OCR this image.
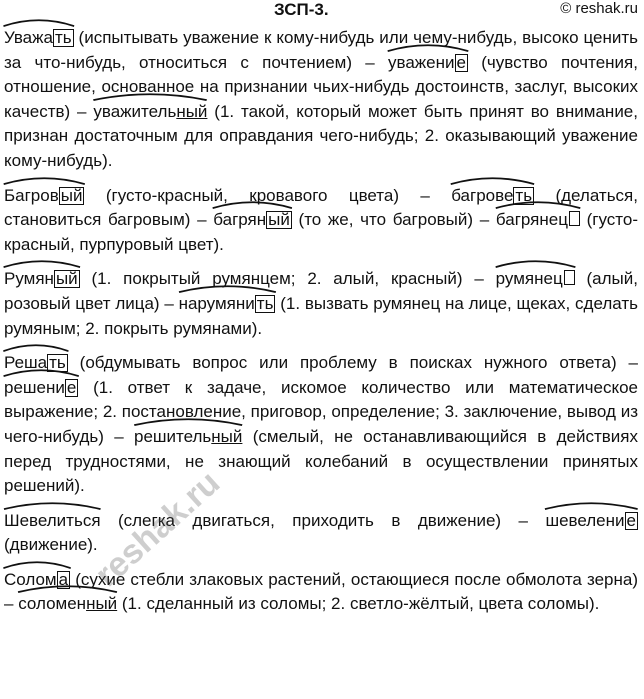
ЗСП-3.	© reshak.ru

Уважа ть (испытывать уважение к кому-нибудь или чему-нибудь, высоко ценить за что-нибудь, относиться с почтением) –
уважени е (чувство почтения, отношение, основанное на признании чьих-нибудь достоинств, заслуг, высоких качеств) –
уважительный (1. такой, который может быть принят во внимание, признан достаточным для оправдания чего-нибудь; 2. оказывающий уважение кому-нибудь).

Багров ый (густо-красный, кровавого цвета) –
багрове ть (делаться, становиться багровым) –
багрян ый (то же, что багровый) –
багрянец (густо-красный, пурпуровый цвет).

Румян ый (1. покрытый румянцем; 2. алый, красный) –
румянец (алый, розовый цвет лица) –
нарумяни ть (1. вызвать румянец на лице, щеках, сделать румяным; 2. покрыть румянами).

Реша ть (обдумывать вопрос или проблему в поисках нужного ответа) –
решени е (1. ответ к задаче, искомое количество или математическое выражение; 2. постановление, приговор, определение; 3. заключение, вывод из чего-нибудь) –
решительный (смелый, не останавливающийся в действиях перед трудностями, не знающий колебаний в осуществлении принятых решений).

Шевелиться (слегка двигаться, приходить в движение) –
шевелени е (движение).

Солом а (сухие стебли злаковых растений, остающиеся после обмолота зерна) –
соломенный (1. сделанный из соломы; 2. светло-жёлтый, цвета соломы).

reshak.ru
